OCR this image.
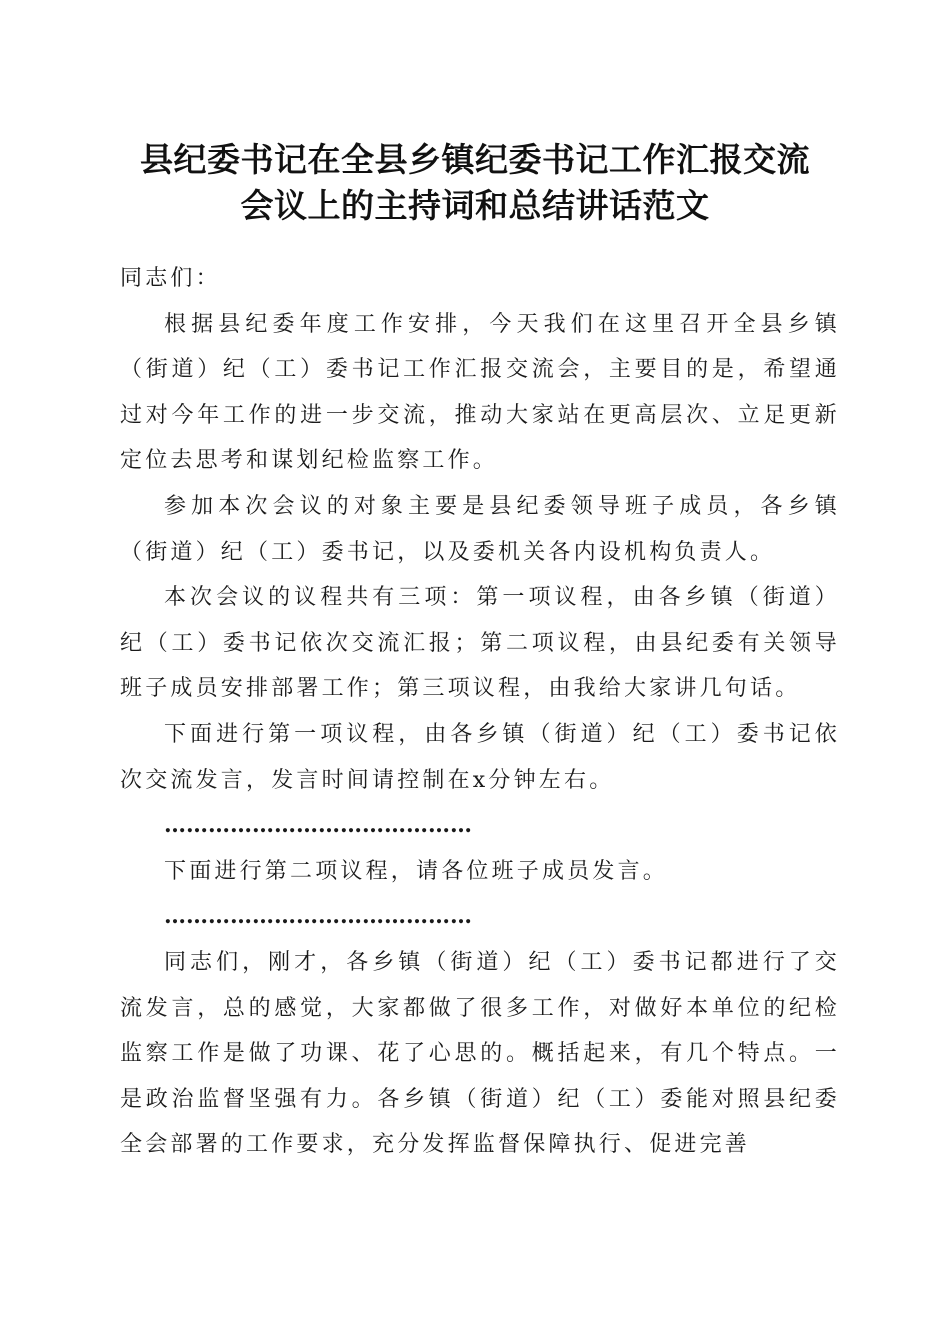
县纪委书记在全县乡镇纪委书记工作汇报交流
会议上的主持词和总结讲话范文

同志们：

根据县纪委年度工作安排，今天我们在这里召开全县乡镇（街道）纪（工）委书记工作汇报交流会，主要目的是，希望通过对今年工作的进一步交流，推动大家站在更高层次、立足更新定位去思考和谋划纪检监察工作。

参加本次会议的对象主要是县纪委领导班子成员，各乡镇（街道）纪（工）委书记，以及委机关各内设机构负责人。

本次会议的议程共有三项：第一项议程，由各乡镇（街道）纪（工）委书记依次交流汇报；第二项议程，由县纪委有关领导班子成员安排部署工作；第三项议程，由我给大家讲几句话。

下面进行第一项议程，由各乡镇（街道）纪（工）委书记依次交流发言，发言时间请控制在x分钟左右。

……………………………………

下面进行第二项议程，请各位班子成员发言。

……………………………………

同志们，刚才，各乡镇（街道）纪（工）委书记都进行了交流发言，总的感觉，大家都做了很多工作，对做好本单位的纪检监察工作是做了功课、花了心思的。概括起来，有几个特点。一是政治监督坚强有力。各乡镇（街道）纪（工）委能对照县纪委全会部署的工作要求，充分发挥监督保障执行、促进完善
